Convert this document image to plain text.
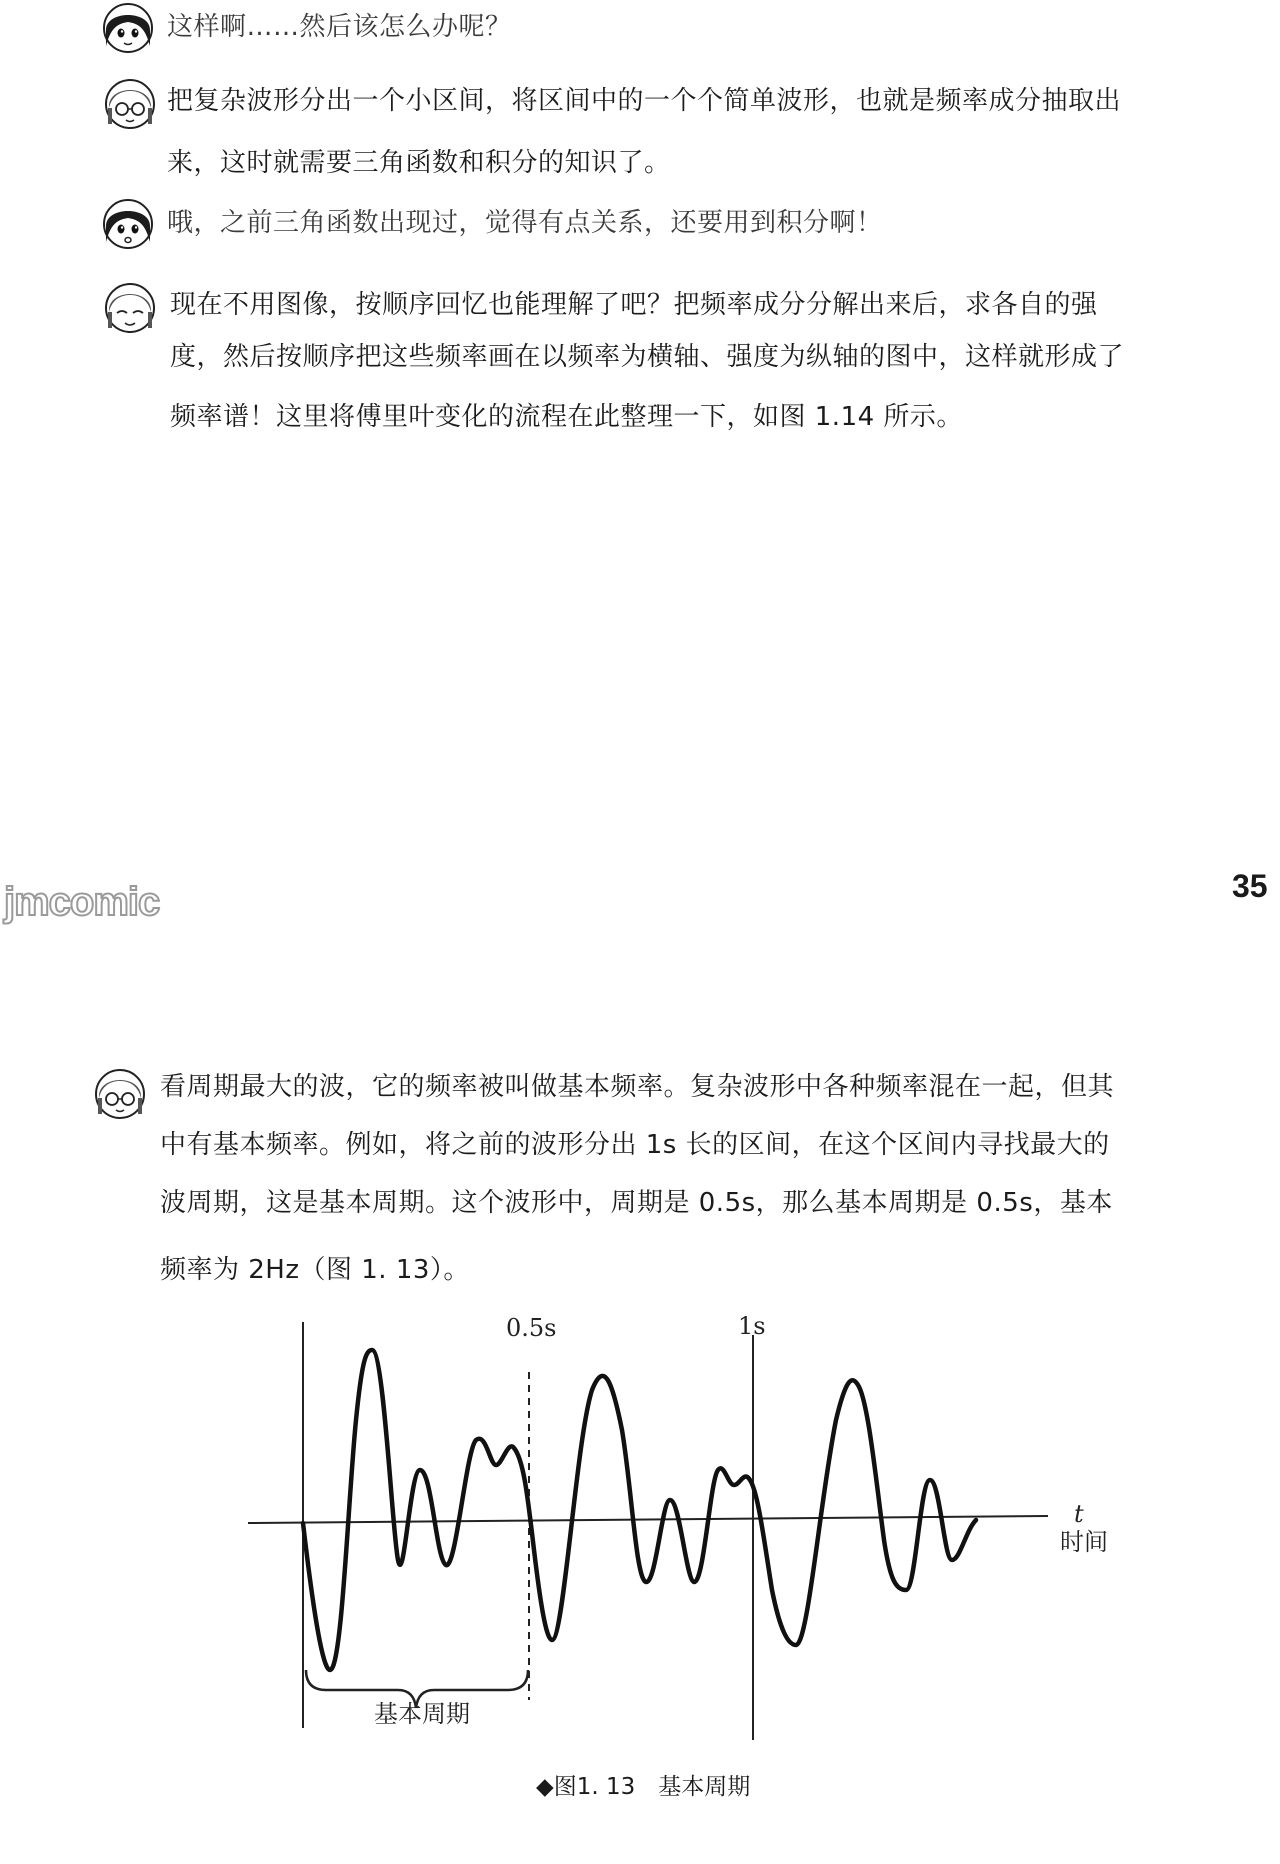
这样啊……然后该怎么办呢？
把复杂波形分出一个小区间，将区间中的一个个简单波形，也就是频率成分抽取出
来，这时就需要三角函数和积分的知识了。
哦，之前三角函数出现过，觉得有点关系，还要用到积分啊！
现在不用图像，按顺序回忆也能理解了吧？把频率成分分解出来后，求各自的强
度，然后按顺序把这些频率画在以频率为横轴、强度为纵轴的图中，这样就形成了
频率谱！这里将傅里叶变化的流程在此整理一下，如图 1.14 所示。
35
jmcomic
看周期最大的波，它的频率被叫做基本频率。复杂波形中各种频率混在一起，但其
中有基本频率。例如，将之前的波形分出 1s 长的区间，在这个区间内寻找最大的
波周期，这是基本周期。这个波形中，周期是 0.5s，那么基本周期是 0.5s，基本
频率为 2Hz（图 1. 13）。
0.5s	1s
t
时间
基本周期
◆图1. 13　基本周期
